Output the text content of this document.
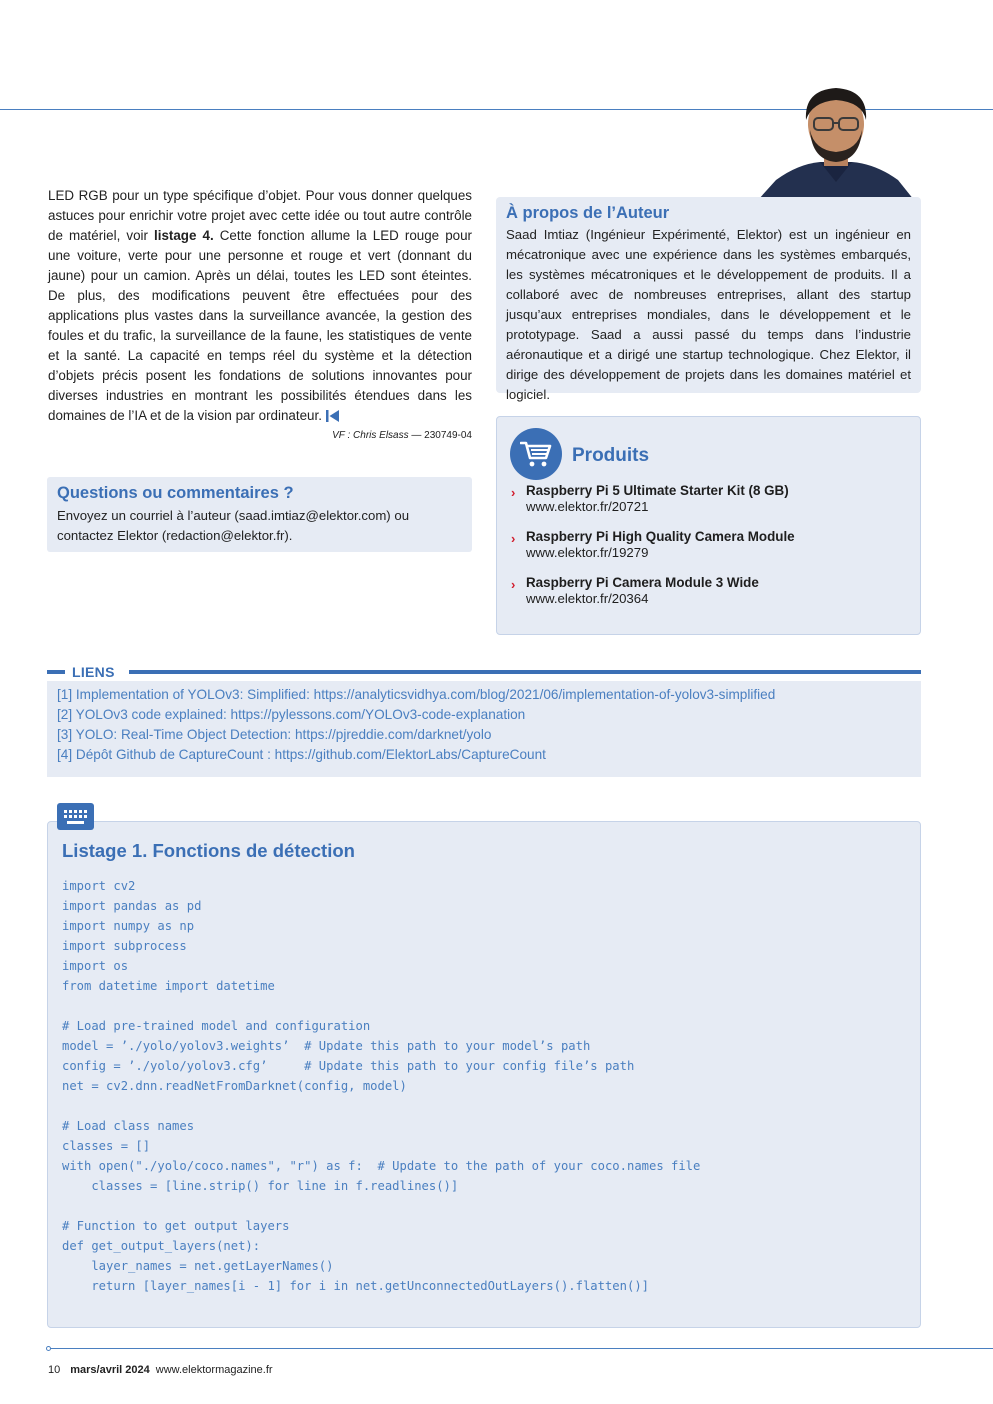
LED RGB pour un type spécifique d’objet. Pour vous donner quelques astuces pour enrichir votre projet avec cette idée ou tout autre contrôle de matériel, voir listage 4. Cette fonction allume la LED rouge pour une voiture, verte pour une personne et rouge et vert (donnant du jaune) pour un camion. Après un délai, toutes les LED sont éteintes. De plus, des modifications peuvent être effectuées pour des applications plus vastes dans la surveillance avancée, la gestion des foules et du trafic, la surveillance de la faune, les statistiques de vente et la santé. La capacité en temps réel du système et la détection d’objets précis posent les fondations de solutions innovantes pour diverses industries en montrant les possibilités étendues dans les domaines de l’IA et de la vision par ordinateur.
VF : Chris Elsass — 230749-04
Questions ou commentaires ?

Envoyez un courriel à l’auteur (saad.imtiaz@elektor.com) ou contactez Elektor (redaction@elektor.fr).

À propos de l’Auteur

Saad Imtiaz (Ingénieur Expérimenté, Elektor) est un ingénieur en mécatronique avec une expérience dans les systèmes embarqués, les systèmes mécatroniques et le développement de produits. Il a collaboré avec de nombreuses entreprises, allant des startup jusqu’aux entreprises mondiales, dans le développement et le prototypage. Saad a aussi passé du temps dans l’industrie aéronautique et a dirigé une startup technologique. Chez Elektor, il dirige des développement de projets dans les domaines matériel et logiciel.

Produits
› Raspberry Pi 5 Ultimate Starter Kit (8 GB)
www.elektor.fr/20721
› Raspberry Pi High Quality Camera Module
www.elektor.fr/19279
› Raspberry Pi Camera Module 3 Wide
www.elektor.fr/20364
LIENS
[1] Implementation of YOLOv3: Simplified: https://analyticsvidhya.com/blog/2021/06/implementation-of-yolov3-simplified
[2] YOLOv3 code explained: https://pylessons.com/YOLOv3-code-explanation
[3] YOLO: Real-Time Object Detection: https://pjreddie.com/darknet/yolo
[4] Dépôt Github de CaptureCount : https://github.com/ElektorLabs/CaptureCount
Listage 1. Fonctions de détection
import cv2
import pandas as pd
import numpy as np
import subprocess
import os
from datetime import datetime

# Load pre-trained model and configuration
model = ’./yolo/yolov3.weights’  # Update this path to your model’s path
config = ’./yolo/yolov3.cfg’     # Update this path to your config file’s path
net = cv2.dnn.readNetFromDarknet(config, model)

# Load class names
classes = []
with open("./yolo/coco.names", "r") as f:  # Update to the path of your coco.names file
classes = [line.strip() for line in f.readlines()]

# Function to get output layers
def get_output_layers(net):
layer_names = net.getLayerNames()
return [layer_names[i - 1] for i in net.getUnconnectedOutLayers().flatten()]
10 mars/avril 2024 www.elektormagazine.fr
